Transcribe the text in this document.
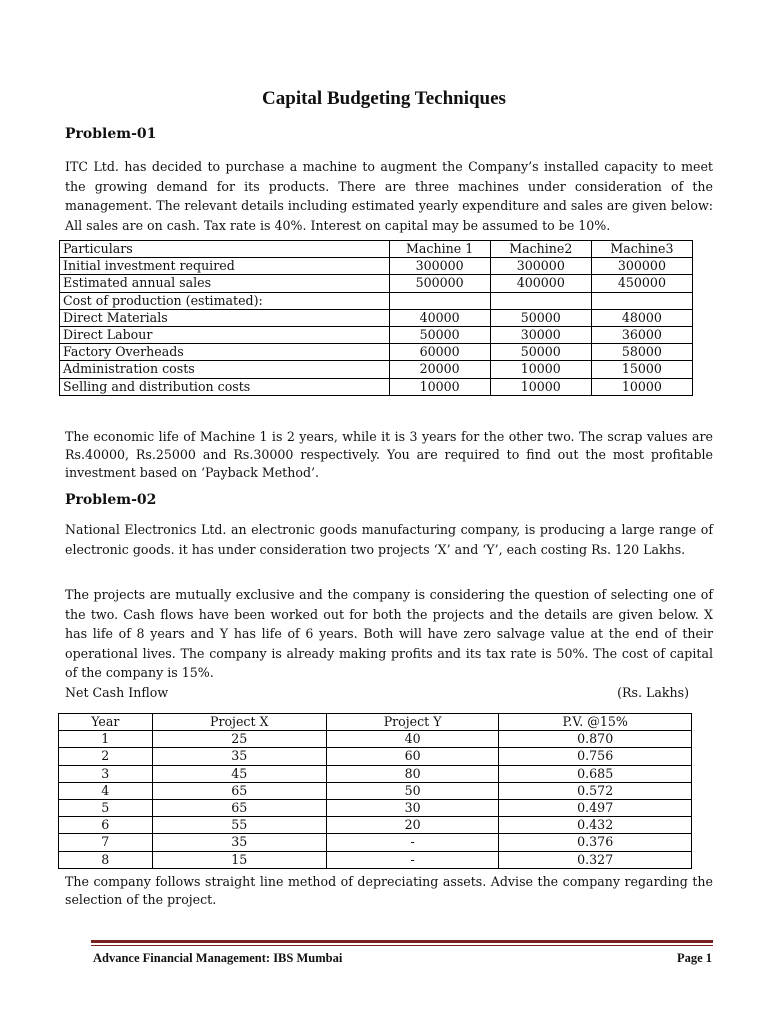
Capital Budgeting Techniques
Problem-01

ITC Ltd. has decided to purchase a machine to augment the Company’s installed capacity to meet the growing demand for its products. There are three machines under consideration of the management. The relevant details including estimated yearly expenditure and sales are given below: All sales are on cash. Tax rate is 40%. Interest on capital may be assumed to be 10%.

Particulars	Machine 1	Machine2	Machine3
Initial investment required	300000	300000	300000
Estimated annual sales	500000	400000	450000
Cost of production (estimated):			
Direct Materials	40000	50000	48000
Direct Labour	50000	30000	36000
Factory Overheads	60000	50000	58000
Administration costs	20000	10000	15000
Selling and distribution costs	10000	10000	10000

The economic life of Machine 1 is 2 years, while it is 3 years for the other two. The scrap values are Rs.40000, Rs.25000 and Rs.30000 respectively. You are required to find out the most profitable investment based on ‘Payback Method’.

Problem-02

National Electronics Ltd. an electronic goods manufacturing company, is producing a large range of electronic goods. it has under consideration two projects ‘X’ and ‘Y’, each costing Rs. 120 Lakhs.

The projects are mutually exclusive and the company is considering the question of selecting one of the two. Cash flows have been worked out for both the projects and the details are given below. X has life of 8 years and Y has life of 6 years. Both will have zero salvage value at the end of their operational lives. The company is already making profits and its tax rate is 50%. The cost of capital of the company is 15%.

Net Cash Inflow	(Rs. Lakhs)
Year	Project X	Project Y	P.V. @15%
1	25	40	0.870
2	35	60	0.756
3	45	80	0.685
4	65	50	0.572
5	65	30	0.497
6	55	20	0.432
7	35	-	0.376
8	15	-	0.327

The company follows straight line method of depreciating assets. Advise the company regarding the selection of the project.

Advance Financial Management: IBS Mumbai	Page 1
